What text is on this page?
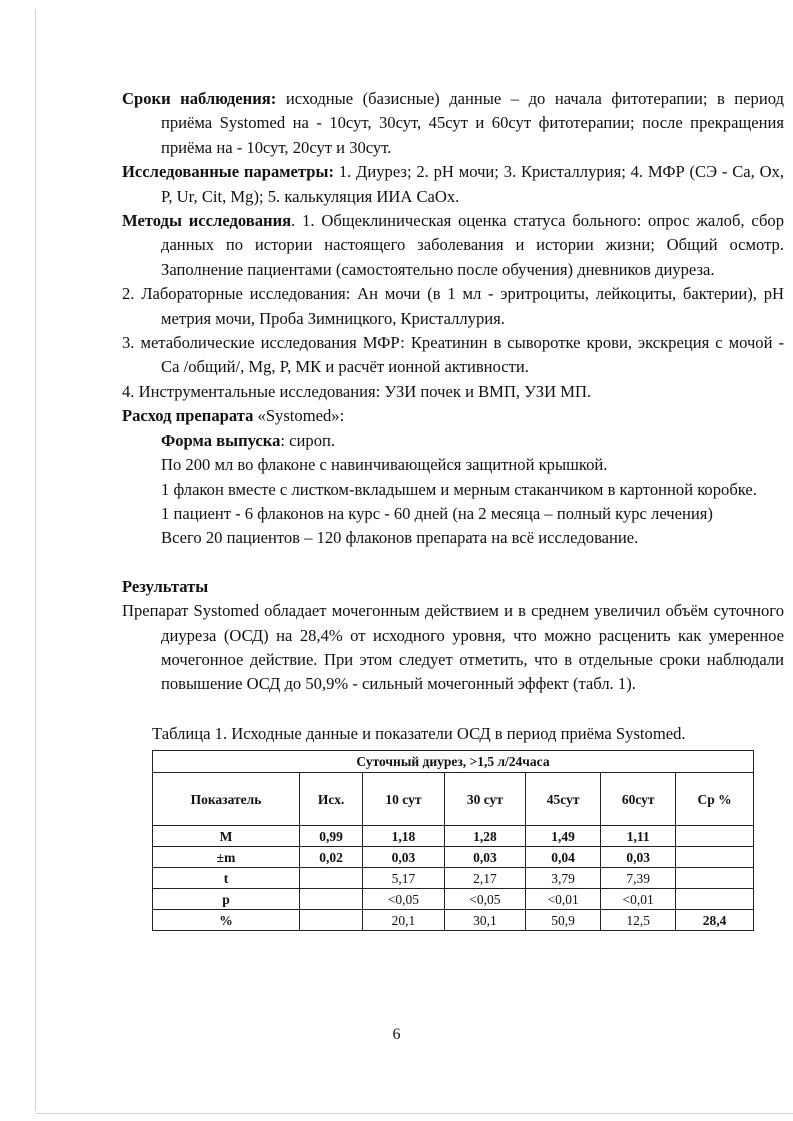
Сроки наблюдения: исходные (базисные) данные – до начала фитотерапии; в период приёма Systomed на - 10сут, 30сут, 45сут и 60сут фитотерапии; после прекращения приёма на - 10сут, 20сут и 30сут.

Исследованные параметры: 1. Диурез; 2. рН мочи; 3. Кристаллурия; 4. МФР (СЭ - Ca, Ox, P, Ur, Cit, Mg); 5. калькуляция ИИА CaOx.

Методы исследования. 1. Общеклиническая оценка статуса больного: опрос жалоб, сбор данных по истории настоящего заболевания и истории жизни; Общий осмотр. Заполнение пациентами (самостоятельно после обучения) дневников диуреза.

2. Лабораторные исследования: Ан мочи (в 1 мл - эритроциты, лейкоциты, бактерии), рН метрия мочи, Проба Зимницкого, Кристаллурия.

3. метаболические исследования МФР: Креатинин в сыворотке крови, экскреция с мочой - Са /общий/, Mg, P, МК и расчёт ионной активности.

4. Инструментальные исследования: УЗИ почек и ВМП, УЗИ МП.

Расход препарата «Systomed»:

Форма выпуска: сироп.

По 200 мл во флаконе с навинчивающейся защитной крышкой.

1 флакон вместе с листком-вкладышем и мерным стаканчиком в картонной коробке.

1 пациент - 6 флаконов на курс - 60 дней (на 2 месяца – полный курс лечения)

Всего 20 пациентов – 120 флаконов препарата на всё исследование.

Результаты

Препарат Systomed обладает мочегонным действием и в среднем увеличил объём суточного диуреза (ОСД) на 28,4% от исходного уровня, что можно расценить как умеренное мочегонное действие. При этом следует отметить, что в отдельные сроки наблюдали повышение ОСД до 50,9% - сильный мочегонный эффект (табл. 1).

Таблица 1. Исходные данные и показатели ОСД в период приёма Systomed.

Суточный диурез, >1,5 л/24часа						
Показатель	Исх.	10 сут	30 сут	45сут	60сут	Ср %
M	0,99	1,18	1,28	1,49	1,11	
±m	0,02	0,03	0,03	0,04	0,03	
t		5,17	2,17	3,79	7,39	
p		<0,05	<0,05	<0,01	<0,01	
%		20,1	30,1	50,9	12,5	28,4
6
